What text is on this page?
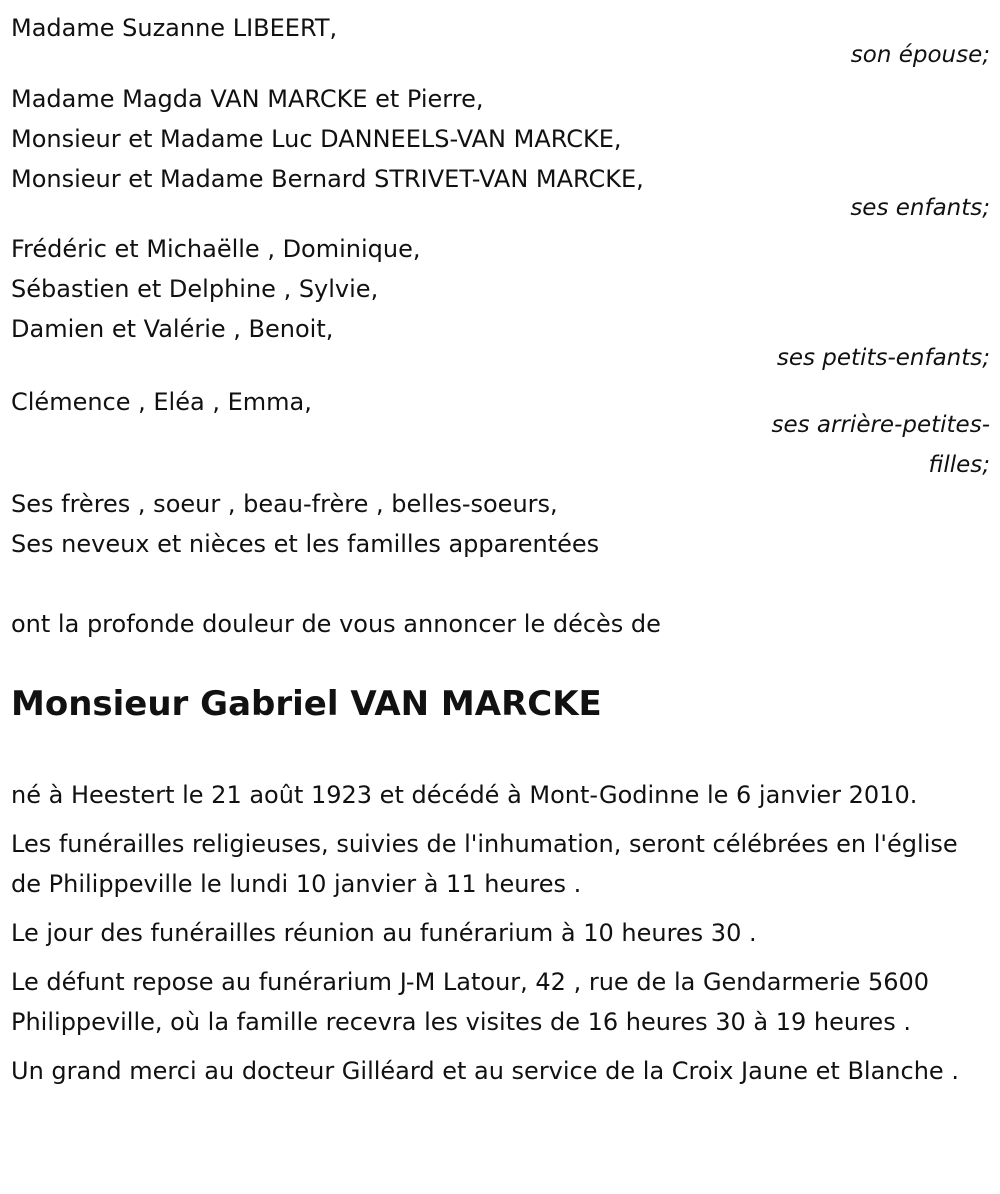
Madame Suzanne LIBEERT,
son épouse;
Madame Magda VAN MARCKE et Pierre,
Monsieur et Madame Luc DANNEELS-VAN MARCKE,
Monsieur et Madame Bernard STRIVET-VAN MARCKE,
ses enfants;
Frédéric et Michaëlle , Dominique,
Sébastien et Delphine , Sylvie,
Damien et Valérie , Benoit,
ses petits-enfants;
Clémence , Eléa , Emma,
ses arrière-petites-
filles;
Ses frères , soeur , beau-frère , belles-soeurs,
Ses neveux et nièces et les familles apparentées
ont la profonde douleur de vous annoncer le décès de
Monsieur Gabriel VAN MARCKE

né à Heestert le 21 août 1923 et décédé à Mont-Godinne le 6 janvier 2010.

Les funérailles religieuses, suivies de l'inhumation, seront célébrées en l'église de Philippeville le lundi 10 janvier à 11 heures .

Le jour des funérailles réunion au funérarium à 10 heures 30 .

Le défunt repose au funérarium J-M Latour, 42 , rue de la Gendarmerie 5600 Philippeville, où la famille recevra les visites de 16 heures 30 à 19 heures .

Un grand merci au docteur Gilléard et au service de la Croix Jaune et Blanche .
